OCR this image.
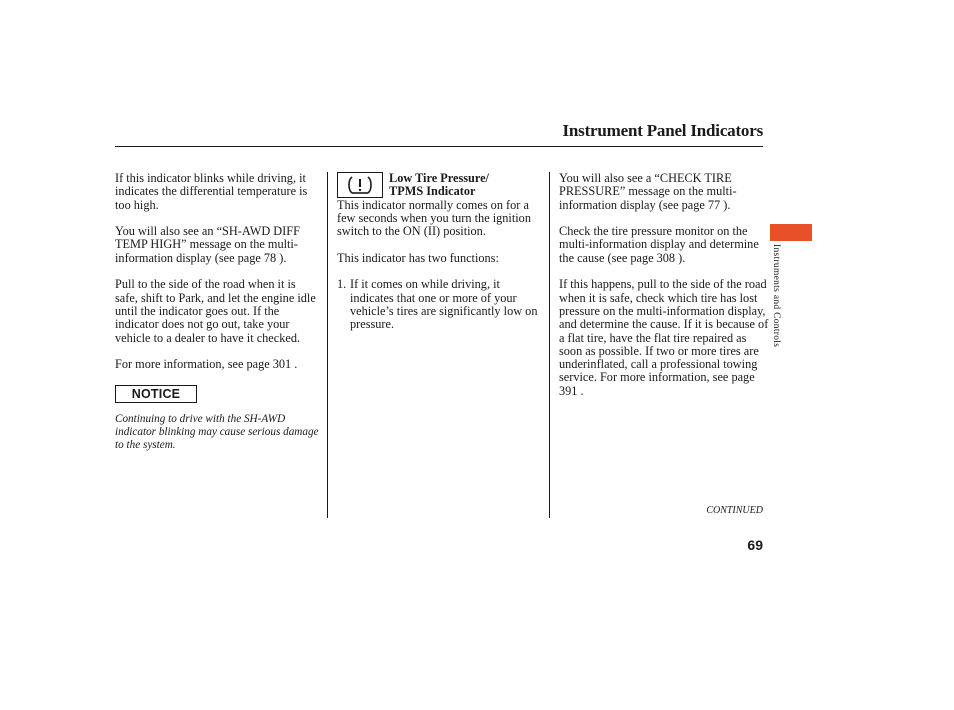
Instrument Panel Indicators

If this indicator blinks while driving, it indicates the differential temperature is too high.

You will also see an “SH-AWD DIFF TEMP HIGH” message on the multi-information display (see page 78 ).

Pull to the side of the road when it is safe, shift to Park, and let the engine idle until the indicator goes out. If the indicator does not go out, take your vehicle to a dealer to have it checked.

For more information, see page 301 .

NOTICE
Continuing to drive with the SH-AWD indicator blinking may cause serious damage to the system.
Low Tire Pressure/
TPMS Indicator

This indicator normally comes on for a few seconds when you turn the ignition switch to the ON (II) position.

This indicator has two functions:

1. If it comes on while driving, it indicates that one or more of your vehicle’s tires are significantly low on pressure.

You will also see a “CHECK TIRE PRESSURE” message on the multi-information display (see page 77 ).

Check the tire pressure monitor on the multi-information display and determine the cause (see page 308 ).

If this happens, pull to the side of the road when it is safe, check which tire has lost pressure on the multi-information display, and determine the cause. If it is because of a flat tire, have the flat tire repaired as soon as possible. If two or more tires are underinflated, call a professional towing service. For more information, see page 391 .

Instruments and Controls
CONTINUED
69
